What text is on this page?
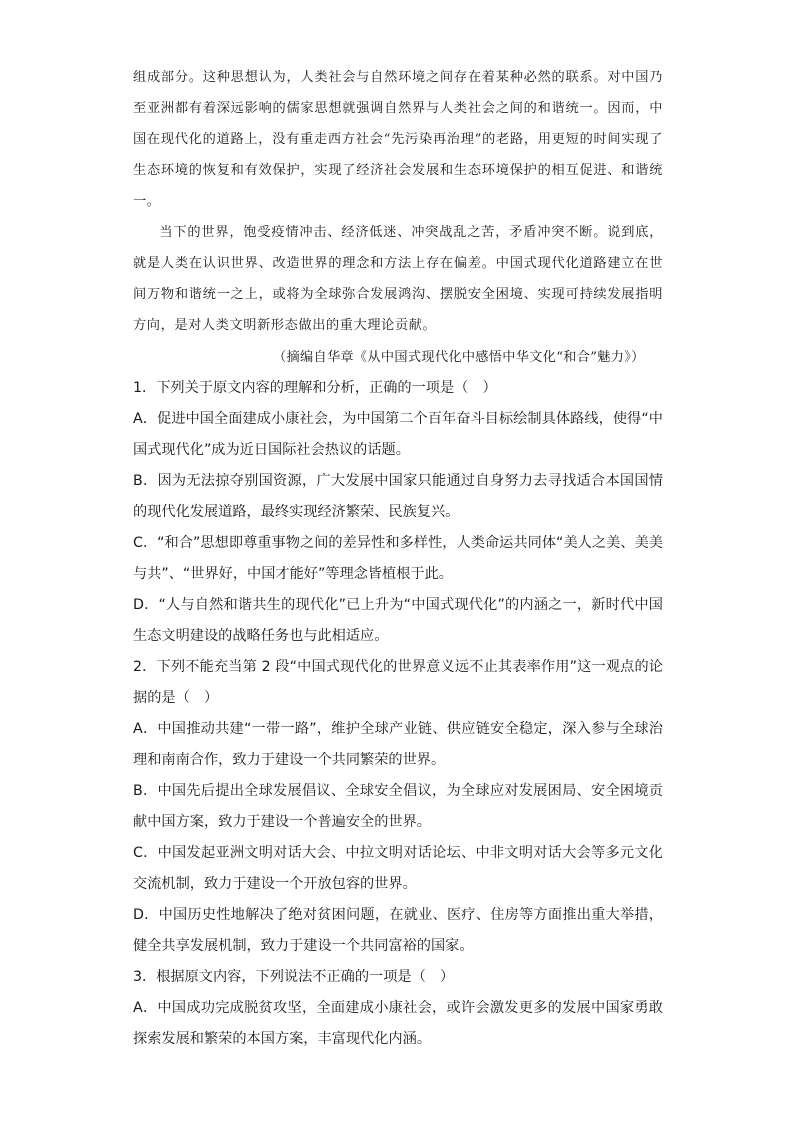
组成部分。这种思想认为，人类社会与自然环境之间存在着某种必然的联系。对中国乃至亚洲都有着深远影响的儒家思想就强调自然界与人类社会之间的和谐统一。因而，中国在现代化的道路上，没有重走西方社会“先污染再治理”的老路，用更短的时间实现了生态环境的恢复和有效保护，实现了经济社会发展和生态环境保护的相互促进、和谐统一。

当下的世界，饱受疫情冲击、经济低迷、冲突战乱之苦，矛盾冲突不断。说到底，就是人类在认识世界、改造世界的理念和方法上存在偏差。中国式现代化道路建立在世间万物和谐统一之上，或将为全球弥合发展鸿沟、摆脱安全困境、实现可持续发展指明方向，是对人类文明新形态做出的重大理论贡献。

（摘编自华章《从中国式现代化中感悟中华文化“和合”魅力》）

1．下列关于原文内容的理解和分析，正确的一项是（　）

A．促进中国全面建成小康社会，为中国第二个百年奋斗目标绘制具体路线，使得“中国式现代化”成为近日国际社会热议的话题。

B．因为无法掠夺别国资源，广大发展中国家只能通过自身努力去寻找适合本国国情的现代化发展道路，最终实现经济繁荣、民族复兴。

C．“和合”思想即尊重事物之间的差异性和多样性，人类命运共同体“美人之美、美美与共”、“世界好，中国才能好”等理念皆植根于此。

D．“人与自然和谐共生的现代化”已上升为“中国式现代化”的内涵之一，新时代中国生态文明建设的战略任务也与此相适应。

2．下列不能充当第 2 段“中国式现代化的世界意义远不止其表率作用”这一观点的论据的是（　）

A．中国推动共建“一带一路”，维护全球产业链、供应链安全稳定，深入参与全球治理和南南合作，致力于建设一个共同繁荣的世界。

B．中国先后提出全球发展倡议、全球安全倡议，为全球应对发展困局、安全困境贡献中国方案，致力于建设一个普遍安全的世界。

C．中国发起亚洲文明对话大会、中拉文明对话论坛、中非文明对话大会等多元文化交流机制，致力于建设一个开放包容的世界。

D．中国历史性地解决了绝对贫困问题，在就业、医疗、住房等方面推出重大举措，健全共享发展机制，致力于建设一个共同富裕的国家。

3．根据原文内容，下列说法不正确的一项是（　）

A．中国成功完成脱贫攻坚，全面建成小康社会，或许会激发更多的发展中国家勇敢探索发展和繁荣的本国方案，丰富现代化内涵。
